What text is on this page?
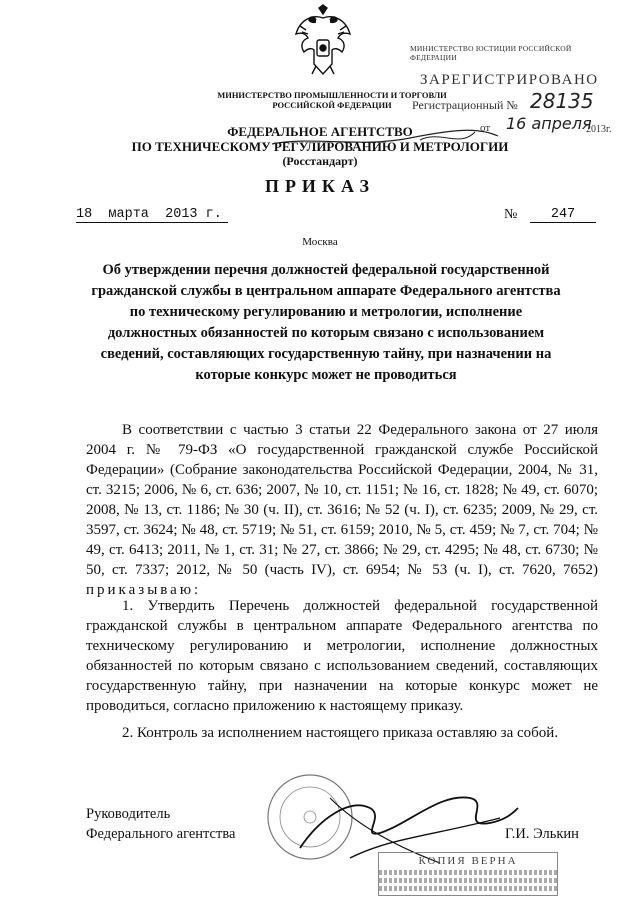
МИНИСТЕРСТВО ПРОМЫШЛЕННОСТИ И ТОРГОВЛИ
РОССИЙСКОЙ ФЕДЕРАЦИИ
МИНИСТЕРСТВО ЮСТИЦИИ РОССИЙСКОЙ ФЕДЕРАЦИИ
ЗАРЕГИСТРИРОВАНО
Регистрационный № 28135
от 16 апреля
2013г.
ФЕДЕРАЛЬНОЕ АГЕНТСТВО
ПО ТЕХНИЧЕСКОМУ РЕГУЛИРОВАНИЮ И МЕТРОЛОГИИ
(Росстандарт)
ПРИКАЗ
18  марта  2013 г.	№	247
Москва
Об утверждении перечня должностей федеральной государственной гражданской службы в центральном аппарате Федерального агентства по техническому регулированию и метрологии, исполнение должностных обязанностей по которым связано с использованием сведений, составляющих государственную тайну, при назначении на которые конкурс может не проводиться
В соответствии с частью 3 статьи 22 Федерального закона от 27 июля 2004 г. № 79-ФЗ «О государственной гражданской службе Российской Федерации» (Собрание законодательства Российской Федерации, 2004, № 31, ст. 3215; 2006, № 6, ст. 636; 2007, № 10, ст. 1151; № 16, ст. 1828; № 49, ст. 6070; 2008, № 13, ст. 1186; № 30 (ч. II), ст. 3616; № 52 (ч. I), ст. 6235; 2009, № 29, ст. 3597, ст. 3624; № 48, ст. 5719; № 51, ст. 6159; 2010, № 5, ст. 459; № 7, ст. 704; № 49, ст. 6413; 2011, № 1, ст. 31; № 27, ст. 3866; № 29, ст. 4295; № 48, ст. 6730; № 50, ст. 7337; 2012, № 50 (часть IV), ст. 6954; № 53 (ч. I), ст. 7620, 7652) приказываю:
1. Утвердить Перечень должностей федеральной государственной гражданской службы в центральном аппарате Федерального агентства по техническому регулированию и метрологии, исполнение должностных обязанностей по которым связано с использованием сведений, составляющих государственную тайну, при назначении на которые конкурс может не проводиться, согласно приложению к настоящему приказу.
2. Контроль за исполнением настоящего приказа оставляю за собой.
Руководитель
Федерального агентства	Г.И. Элькин
КОПИЯ ВЕРНА
